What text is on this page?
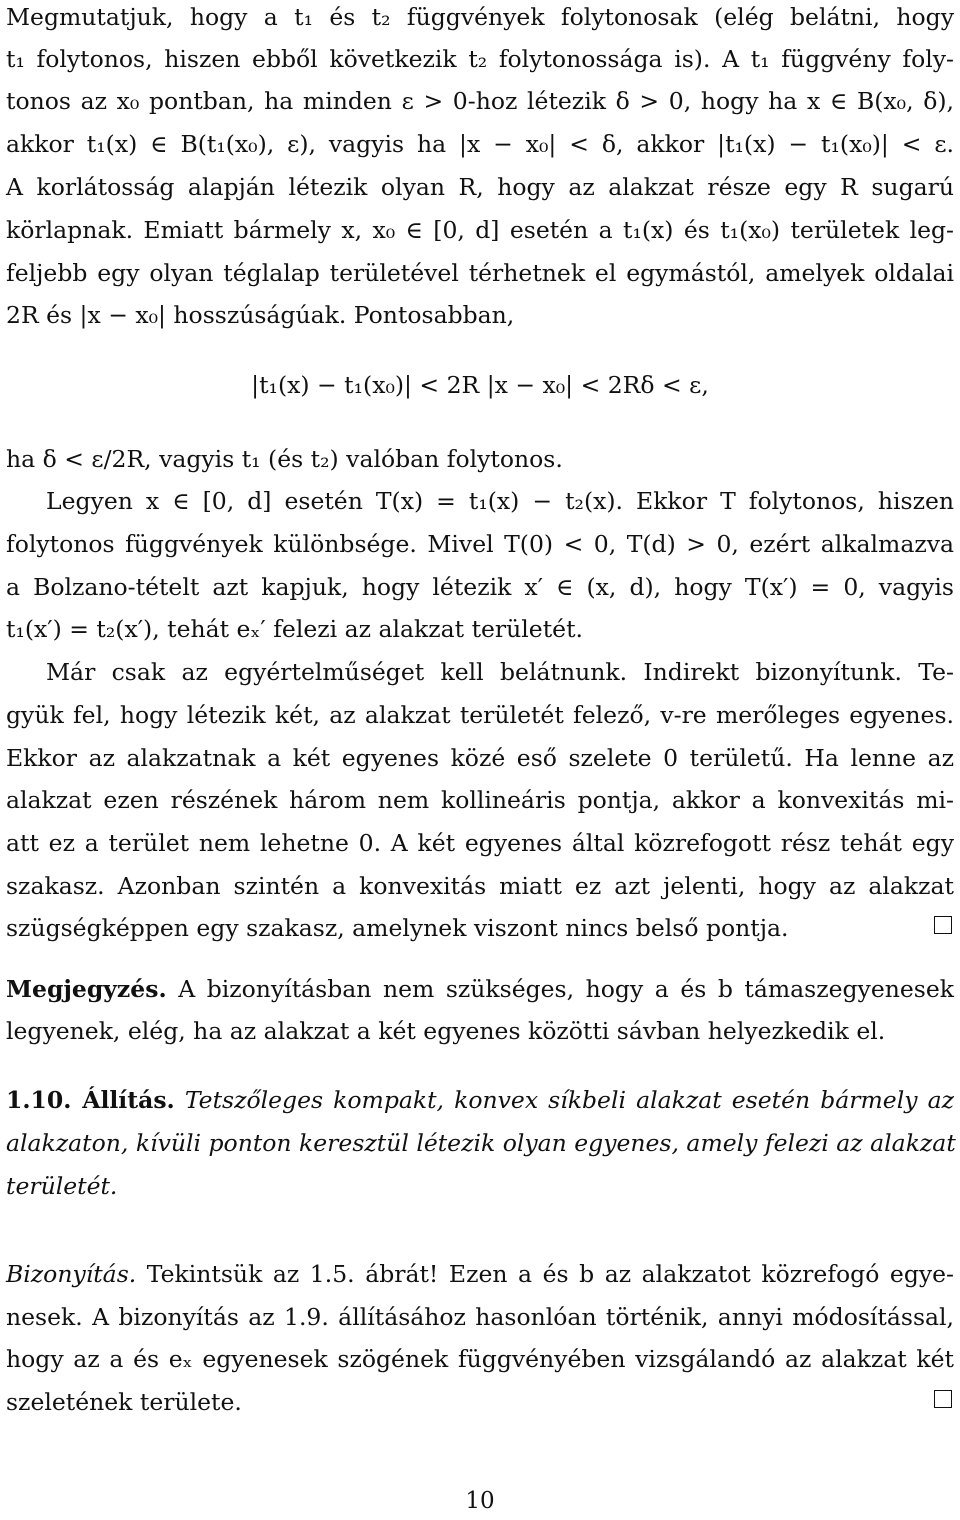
Megmutatjuk, hogy a t₁ és t₂ függvények folytonosak (elég belátni, hogy
t₁ folytonos, hiszen ebből következik t₂ folytonossága is). A t₁ függvény foly-
tonos az x₀ pontban, ha minden ε > 0-hoz létezik δ > 0, hogy ha x ∈ B(x₀, δ),
akkor t₁(x) ∈ B(t₁(x₀), ε), vagyis ha |x − x₀| < δ, akkor |t₁(x) − t₁(x₀)| < ε.
A korlátosság alapján létezik olyan R, hogy az alakzat része egy R sugarú
körlapnak. Emiatt bármely x, x₀ ∈ [0, d] esetén a t₁(x) és t₁(x₀) területek leg-
feljebb egy olyan téglalap területével térhetnek el egymástól, amelyek oldalai
2R és |x − x₀| hosszúságúak. Pontosabban,
|t₁(x) − t₁(x₀)| < 2R |x − x₀| < 2Rδ < ε,
ha δ < ε/2R, vagyis t₁ (és t₂) valóban folytonos.
Legyen x ∈ [0, d] esetén T(x) = t₁(x) − t₂(x). Ekkor T folytonos, hiszen
folytonos függvények különbsége. Mivel T(0) < 0, T(d) > 0, ezért alkalmazva
a Bolzano-tételt azt kapjuk, hogy létezik x′ ∈ (x, d), hogy T(x′) = 0, vagyis
t₁(x′) = t₂(x′), tehát eₓ′ felezi az alakzat területét.
Már csak az egyértelműséget kell belátnunk. Indirekt bizonyítunk. Te-
gyük fel, hogy létezik két, az alakzat területét felező, v-re merőleges egyenes.
Ekkor az alakzatnak a két egyenes közé eső szelete 0 területű. Ha lenne az
alakzat ezen részének három nem kollineáris pontja, akkor a konvexitás mi-
att ez a terület nem lehetne 0. A két egyenes által közrefogott rész tehát egy
szakasz. Azonban szintén a konvexitás miatt ez azt jelenti, hogy az alakzat
szügségképpen egy szakasz, amelynek viszont nincs belső pontja.
Megjegyzés. A bizonyításban nem szükséges, hogy a és b támaszegyenesek
legyenek, elég, ha az alakzat a két egyenes közötti sávban helyezkedik el.
1.10. Állítás. Tetszőleges kompakt, konvex síkbeli alakzat esetén bármely az
alakzaton, kívüli ponton keresztül létezik olyan egyenes, amely felezi az alakzat
területét.
Bizonyítás. Tekintsük az 1.5. ábrát! Ezen a és b az alakzatot közrefogó egye-
nesek. A bizonyítás az 1.9. állításához hasonlóan történik, annyi módosítással,
hogy az a és eₓ egyenesek szögének függvényében vizsgálandó az alakzat két
szeletének területe.
10
